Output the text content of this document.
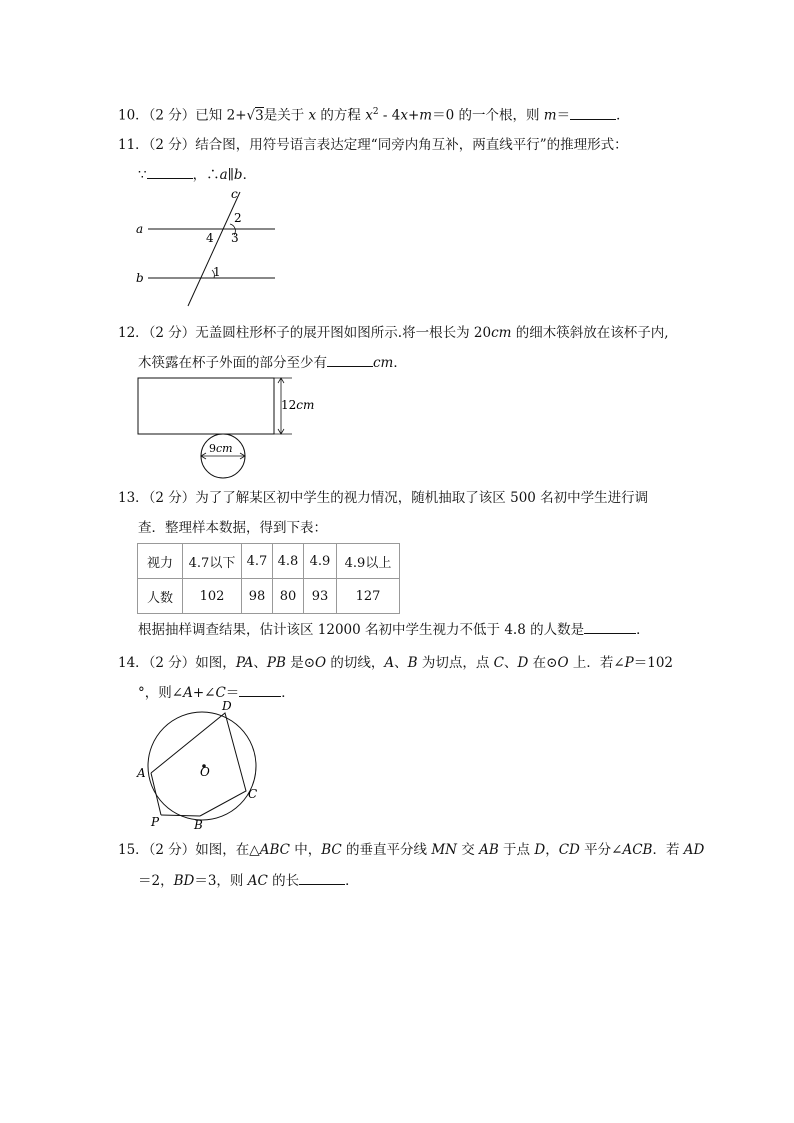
10．（2 分）已知 2+√3是关于 x 的方程 $x^2 - 4x+m=0$ 的一个根，则 m＝	．
11．（2 分）结合图，用符号语言表达定理“同旁内角互补，两直线平行”的推理形式：
∵	，∴a∥b．
c
a
b
2
3
4
1
12．（2 分）无盖圆柱形杯子的展开图如图所示.将一根长为 20cm 的细木筷斜放在该杯子内,
木筷露在杯子外面的部分至少有	cm．
12cm
9cm
13．（2 分）为了了解某区初中学生的视力情况，随机抽取了该区 500 名初中学生进行调
查．整理样本数据，得到下表：
视力	4.7以下	4.7	4.8	4.9	4.9以上
人数	102	98	80	93	127
根据抽样调查结果，估计该区 12000 名初中学生视力不低于 4.8 的人数是	．
14．（2 分）如图，PA、PB 是⊙O 的切线，A、B 为切点，点 C、D 在⊙O 上．若∠P＝102
°，则∠A+∠C＝	．
D
A	O
C
B
P
15．（2 分）如图，在△ABC 中，BC 的垂直平分线 MN 交 AB 于点 D，CD 平分∠ACB．若 AD
＝2，BD＝3，则 AC 的长	．
